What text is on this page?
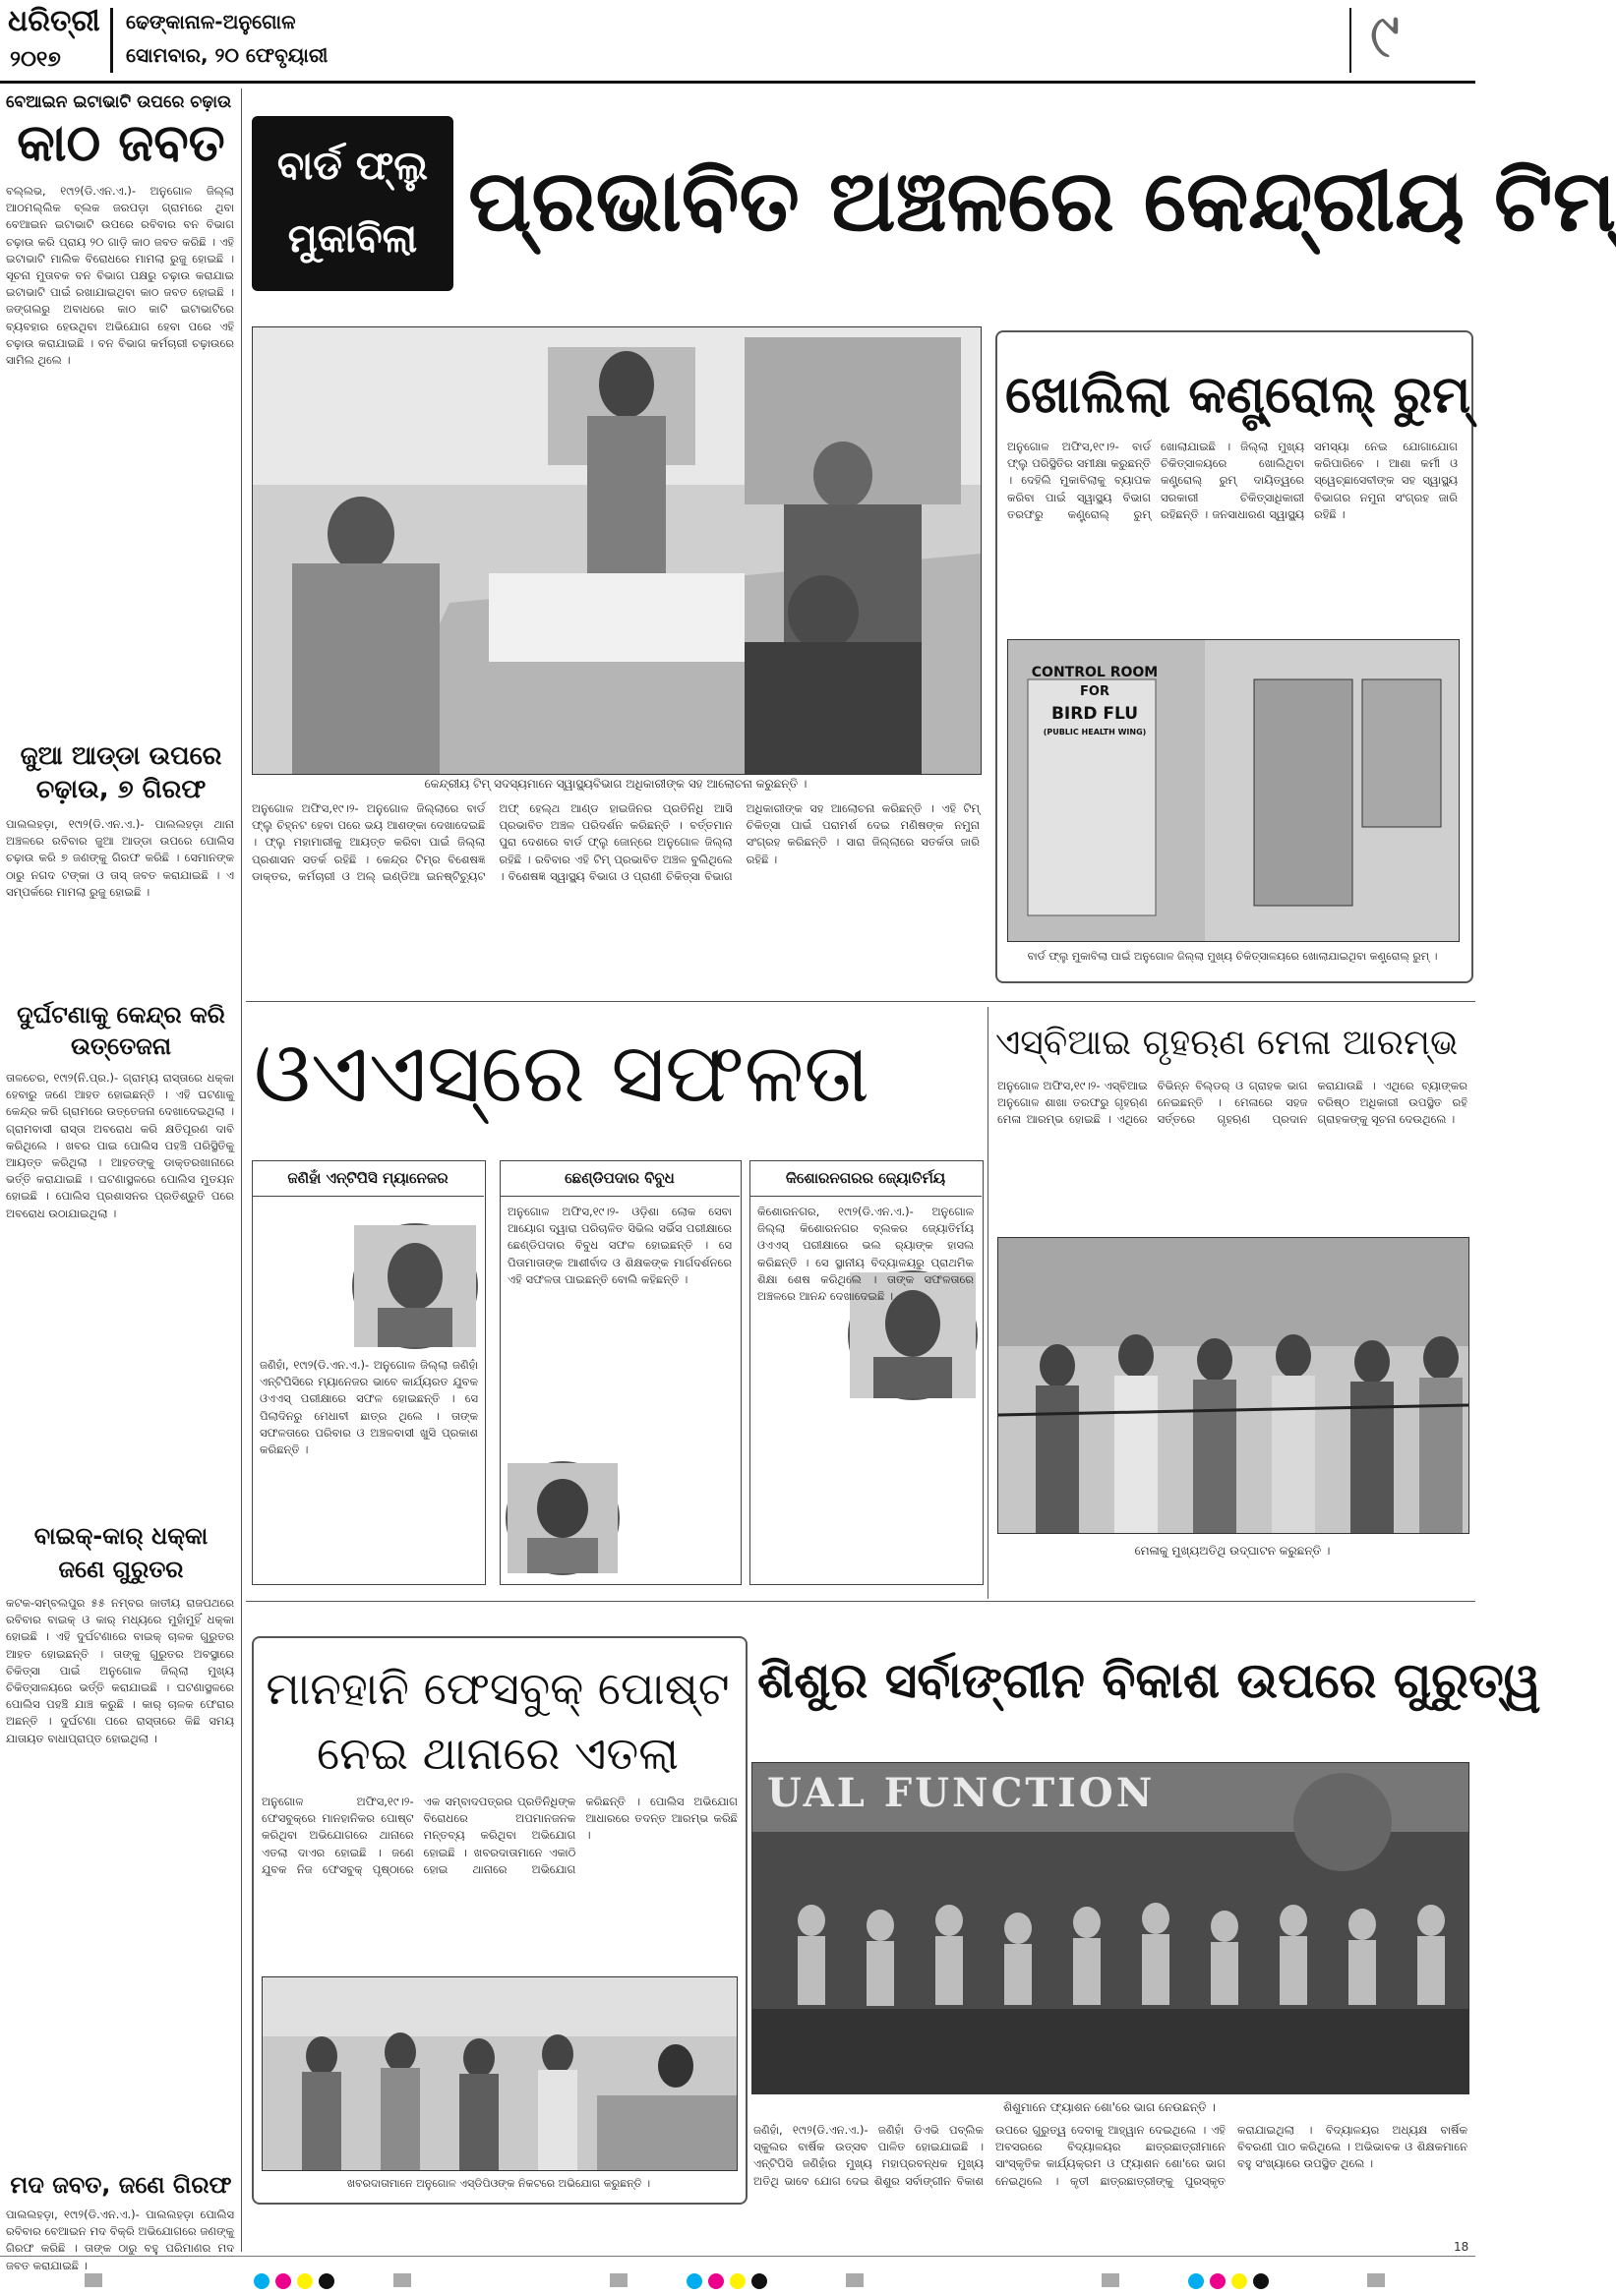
ଧରିତ୍ରୀ
୨୦୧୭
ଢେଙ୍କାନାଳ-ଅନୁଗୋଳ
ସୋମବାର, ୨୦ ଫେବୃୟାରୀ	୯
ବେଆଇନ ଇଟାଭାଟି ଉପରେ ଚଢ଼ାଉ
କାଠ ଜବତ
ବଲ୍ଲଭ, ୧୯ା୨(ଡି.ଏନ.ଏ.)- ଅନୁଗୋଳ ଜିଲ୍ଲା ଆଠମଲ୍ଲିକ ବ୍ଲକ ଜରପଡ଼ା ଗ୍ରାମରେ ଥିବା ବେଆଇନ ଇଟାଭାଟି ଉପରେ ରବିବାର ବନ ବିଭାଗ ଚଢ଼ାଉ କରି ପ୍ରାୟ ୨୦ ଗାଡ଼ି କାଠ ଜବତ କରିଛି । ଏହି ଇଟାଭାଟି ମାଲିକ ବିରୋଧରେ ମାମଲା ରୁଜୁ ହୋଇଛି । ସୂଚନା ମୁତାବକ ବନ ବିଭାଗ ପକ୍ଷରୁ ଚଢ଼ାଉ କରାଯାଇ ଇଟାଭାଟି ପାଇଁ ରଖାଯାଇଥିବା କାଠ ଜବତ ହୋଇଛି । ଜଙ୍ଗଲରୁ ଅବାଧରେ କାଠ କାଟି ଇଟାଭାଟିରେ ବ୍ୟବହାର ହେଉଥିବା ଅଭିଯୋଗ ହେବା ପରେ ଏହି ଚଢ଼ାଉ କରାଯାଇଛି । ବନ ବିଭାଗ କର୍ମଚାରୀ ଚଢ଼ାଉରେ ସାମିଲ ଥିଲେ ।
ଜୁଆ ଆଡ୍ଡା ଉପରେ
ଚଢ଼ାଉ, ୭ ଗିରଫ
ପାଲଲହଡ଼ା, ୧୯ା୨(ଡି.ଏନ.ଏ.)- ପାଲଲହଡ଼ା ଥାନା ଅଞ୍ଚଳରେ ରବିବାର ଜୁଆ ଆଡ୍ଡା ଉପରେ ପୋଲିସ ଚଢ଼ାଉ କରି ୭ ଜଣଙ୍କୁ ଗିରଫ କରିଛି । ସେମାନଙ୍କ ଠାରୁ ନଗଦ ଟଙ୍କା ଓ ତାସ୍ ଜବତ କରାଯାଇଛି । ଏ ସମ୍ପର୍କରେ ମାମଲା ରୁଜୁ ହୋଇଛି ।
ଦୁର୍ଘଟଣାକୁ କେନ୍ଦ୍ର କରି
ଉତ୍ତେଜନା
ତାଳଚେର, ୧୯ା୨(ନି.ପ୍ର.)- ଗ୍ରାମ୍ୟ ରାସ୍ତାରେ ଧକ୍କା ହେବାରୁ ଜଣେ ଆହତ ହୋଇଛନ୍ତି । ଏହି ଘଟଣାକୁ କେନ୍ଦ୍ର କରି ଗ୍ରାମରେ ଉତ୍ତେଜନା ଦେଖାଦେଇଥିଲା । ଗ୍ରାମବାସୀ ରାସ୍ତା ଅବରୋଧ କରି କ୍ଷତିପୂରଣ ଦାବି କରିଥିଲେ । ଖବର ପାଇ ପୋଲିସ ପହଞ୍ଚି ପରିସ୍ଥିତିକୁ ଆୟତ୍ତ କରିଥିଲା । ଆହତଙ୍କୁ ଡାକ୍ତରଖାନାରେ ଭର୍ତ୍ତି କରାଯାଇଛି । ଘଟଣାସ୍ଥଳରେ ପୋଲିସ ମୁତୟନ ହୋଇଛି । ପୋଲିସ ପ୍ରଶାସନର ପ୍ରତିଶ୍ରୁତି ପରେ ଅବରୋଧ ଉଠାଯାଇଥିଲା ।
ବାଇକ୍-କାର୍ ଧକ୍କା
ଜଣେ ଗୁରୁତର
କଟକ-ସମ୍ବଲପୁର ୫୫ ନମ୍ବର ଜାତୀୟ ରାଜପଥରେ ରବିବାର ବାଇକ୍ ଓ କାର୍ ମଧ୍ୟରେ ମୁହାଁମୁହିଁ ଧକ୍କା ହୋଇଛି । ଏହି ଦୁର୍ଘଟଣାରେ ବାଇକ୍ ଚାଳକ ଗୁରୁତର ଆହତ ହୋଇଛନ୍ତି । ତାଙ୍କୁ ଗୁରୁତର ଅବସ୍ଥାରେ ଚିକିତ୍ସା ପାଇଁ ଅନୁଗୋଳ ଜିଲ୍ଲା ମୁଖ୍ୟ ଚିକିତ୍ସାଳୟରେ ଭର୍ତ୍ତି କରାଯାଇଛି । ଘଟଣାସ୍ଥଳରେ ପୋଲିସ ପହଞ୍ଚି ଯାଞ୍ଚ କରୁଛି । କାର୍ ଚାଳକ ଫେରାର ଅଛନ୍ତି । ଦୁର୍ଘଟଣା ପରେ ରାସ୍ତାରେ କିଛି ସମୟ ଯାତାୟତ ବାଧାପ୍ରାପ୍ତ ହୋଇଥିଲା ।
ମଦ ଜବତ, ଜଣେ ଗିରଫ
ପାଲଲହଡ଼ା, ୧୯ା୨(ଡି.ଏନ.ଏ.)- ପାଲଲହଡ଼ା ପୋଲିସ ରବିବାର ବେଆଇନ ମଦ ବିକ୍ରି ଅଭିଯୋଗରେ ଜଣଙ୍କୁ ଗିରଫ କରିଛି । ତାଙ୍କ ଠାରୁ ବହୁ ପରିମାଣର ମଦ ଜବତ କରାଯାଇଛି ।
ବାର୍ଡ ଫ୍ଲୁ
ମୁକାବିଲା ପ୍ରଭାବିତ ଅଞ୍ଚଳରେ କେନ୍ଦ୍ରୀୟ ଟିମ୍
କେନ୍ଦ୍ରୀୟ ଟିମ୍ ସଦସ୍ୟମାନେ ସ୍ୱାସ୍ଥ୍ୟବିଭାଗ ଅଧିକାରୀଙ୍କ ସହ ଆଲୋଚନା କରୁଛନ୍ତି ।
ଅନୁଗୋଳ ଅଫିସ,୧୯।୨- ଅନୁଗୋଳ ଜିଲ୍ଲାରେ ବାର୍ଡ ଫ୍ଲୁ ଚିହ୍ନଟ ହେବା ପରେ ଭୟ ଆଶଙ୍କା ଦେଖାଦେଇଛି । ଫ୍ଲୁ ମହାମାରୀକୁ ଆୟତ୍ତ କରିବା ପାଇଁ ଜିଲ୍ଲା ପ୍ରଶାସନ ସତର୍କ ରହିଛି । କେନ୍ଦ୍ର ଟିମ୍‌ର ବିଶେଷଜ୍ଞ ଡାକ୍ତର, କର୍ମଚାରୀ ଓ ଅଲ୍ ଇଣ୍ଡିଆ ଇନଷ୍ଟିଚ୍ୟୁଟ ଅଫ୍ ହେଲ୍ଥ ଆଣ୍ଡ ହାଇଜିନର ପ୍ରତିନିଧି ଆସି ପ୍ରଭାବିତ ଅଞ୍ଚଳ ପରିଦର୍ଶନ କରିଛନ୍ତି । ବର୍ତ୍ତମାନ ପୁରା ଦେଶରେ ବାର୍ଡ ଫ୍ଲୁ ଜୋନ୍‌ରେ ଅନୁଗୋଳ ଜିଲ୍ଲା ରହିଛି । ରବିବାର ଏହି ଟିମ୍ ପ୍ରଭାବିତ ଅଞ୍ଚଳ ବୁଲିଥିଲେ । ବିଶେଷଜ୍ଞ ସ୍ୱାସ୍ଥ୍ୟ ବିଭାଗ ଓ ପ୍ରାଣୀ ଚିକିତ୍ସା ବିଭାଗ ଅଧିକାରୀଙ୍କ ସହ ଆଲୋଚନା କରିଛନ୍ତି । ଏହି ଟିମ୍ ଚିକିତ୍ସା ପାଇଁ ପରାମର୍ଶ ଦେଇ ମଣିଷଙ୍କ ନମୁନା ସଂଗ୍ରହ କରିଛନ୍ତି । ସାରା ଜିଲ୍ଲାରେ ସତର୍କତା ଜାରି ରହିଛି ।
ଖୋଲିଲା କଣ୍ଟ୍ରୋଲ୍ ରୁମ୍
ଅନୁଗୋଳ ଅଫିସ,୧୯।୨- ବାର୍ଡ ଫ୍ଲୁ ପରିସ୍ଥିତିର ସମୀକ୍ଷା କରୁଛନ୍ତି । ଦେହିଲି ମୁକାବିଲାକୁ ବ୍ୟାପକ କରିବା ପାଇଁ ସ୍ୱାସ୍ଥ୍ୟ ବିଭାଗ ତରଫରୁ କଣ୍ଟ୍ରୋଲ୍ ରୁମ୍ ଖୋଲାଯାଇଛି । ଜିଲ୍ଲା ମୁଖ୍ୟ ଚିକିତ୍ସାଳୟରେ ଖୋଲିଥିବା କଣ୍ଟ୍ରୋଲ୍ ରୁମ୍ ଦାୟିତ୍ୱରେ ସରକାରୀ ଚିକିତ୍ସାଧିକାରୀ ରହିଛନ୍ତି । ଜନସାଧାରଣ ସ୍ୱାସ୍ଥ୍ୟ ସମସ୍ୟା ନେଇ ଯୋଗାଯୋଗ କରିପାରିବେ । ଆଶା କର୍ମୀ ଓ ସ୍ୱେଚ୍ଛାସେବୀଙ୍କ ସହ ସ୍ୱାସ୍ଥ୍ୟ ବିଭାଗର ନମୁନା ସଂଗ୍ରହ ଜାରି ରହିଛି ।
CONTROL ROOM
FOR
BIRD FLU
(PUBLIC HEALTH WING)
ବାର୍ଡ ଫ୍ଲୁ ମୁକାବିଲା ପାଇଁ ଅନୁଗୋଳ ଜିଲ୍ଲା ମୁଖ୍ୟ ଚିକିତ୍ସାଳୟରେ ଖୋଲାଯାଇଥିବା କଣ୍ଟ୍ରୋଲ୍ ରୁମ୍ ।
ଓଏଏସ୍‌ରେ ସଫଳତା
ଜଣିହାଁ ଏନ୍‌ଟିପିସି ମ୍ୟାନେଜର
ଜଣିହାଁ, ୧୯ା୨(ଡି.ଏନ.ଏ.)- ଅନୁଗୋଳ ଜିଲ୍ଲା ଜଣିହାଁ ଏନ୍‌ଟିପିସିରେ ମ୍ୟାନେଜର ଭାବେ କାର୍ଯ୍ୟରତ ଯୁବକ ଓଏଏସ୍ ପରୀକ୍ଷାରେ ସଫଳ ହୋଇଛନ୍ତି । ସେ ପିଲାଦିନରୁ ମେଧାବୀ ଛାତ୍ର ଥିଲେ । ତାଙ୍କ ସଫଳତାରେ ପରିବାର ଓ ଅଞ୍ଚଳବାସୀ ଖୁସି ପ୍ରକାଶ କରିଛନ୍ତି ।
ଛେଣ୍ଡିପଦାର ବିବୁଧ
ଅନୁଗୋଳ ଅଫିସ,୧୯।୨- ଓଡ଼ିଶା ଲୋକ ସେବା ଆୟୋଗ ଦ୍ୱାରା ପରିଚାଳିତ ସିଭିଲ ସର୍ଭିସ ପରୀକ୍ଷାରେ ଛେଣ୍ଡିପଦାର ବିବୁଧ ସଫଳ ହୋଇଛନ୍ତି । ସେ ପିତାମାତାଙ୍କ ଆଶୀର୍ବାଦ ଓ ଶିକ୍ଷକଙ୍କ ମାର୍ଗଦର୍ଶନରେ ଏହି ସଫଳତା ପାଇଛନ୍ତି ବୋଲି କହିଛନ୍ତି ।
କିଶୋରନଗରର ଜ୍ୟୋତିର୍ମୟ
କିଶୋରନଗର, ୧୯ା୨(ଡି.ଏନ.ଏ.)- ଅନୁଗୋଳ ଜିଲ୍ଲା କିଶୋରନଗର ବ୍ଲକର ଜ୍ୟୋତିର୍ମୟ ଓଏଏସ୍ ପରୀକ୍ଷାରେ ଭଲ ର‍୍ୟାଙ୍କ ହାସଲ କରିଛନ୍ତି । ସେ ସ୍ଥାନୀୟ ବିଦ୍ୟାଳୟରୁ ପ୍ରାଥମିକ ଶିକ୍ଷା ଶେଷ କରିଥିଲେ । ତାଙ୍କ ସଫଳତାରେ ଅଞ୍ଚଳରେ ଆନନ୍ଦ ଦେଖାଦେଇଛି ।
ଏସ୍‌ବିଆଇ ଗୃହଋଣ ମେଳା ଆରମ୍ଭ
ଅନୁଗୋଳ ଅଫିସ,୧୯।୨- ଏସ୍‌ବିଆଇ ଅନୁଗୋଳ ଶାଖା ତରଫରୁ ଗୃହଋଣ ମେଳା ଆରମ୍ଭ ହୋଇଛି । ଏଥିରେ ବିଭିନ୍ନ ବିଲ୍ଡର୍ ଓ ଗ୍ରାହକ ଭାଗ ନେଇଛନ୍ତି । ମେଳାରେ ସହଜ ସର୍ତ୍ତରେ ଗୃହଋଣ ପ୍ରଦାନ କରାଯାଉଛି । ଏଥିରେ ବ୍ୟାଙ୍କର ବରିଷ୍ଠ ଅଧିକାରୀ ଉପସ୍ଥିତ ରହି ଗ୍ରାହକଙ୍କୁ ସୂଚନା ଦେଉଥିଲେ ।
ମେଳାକୁ ମୁଖ୍ୟଅତିଥି ଉଦ୍‌ଘାଟନ କରୁଛନ୍ତି ।
ମାନହାନି ଫେସବୁକ୍ ପୋଷ୍ଟ
ନେଇ ଥାନାରେ ଏତଲା
ଅନୁଗୋଳ ଅଫିସ,୧୯।୨- ଫେସବୁକ୍‌ରେ ମାନହାନିକର ପୋଷ୍ଟ କରିଥିବା ଅଭିଯୋଗରେ ଥାନାରେ ଏତଲା ଦାଏର ହୋଇଛି । ଜଣେ ଯୁବକ ନିଜ ଫେସବୁକ୍ ପୃଷ୍ଠାରେ ଏକ ସମ୍ବାଦପତ୍ରର ପ୍ରତିନିଧିଙ୍କ ବିରୋଧରେ ଅପମାନଜନକ ମନ୍ତବ୍ୟ କରିଥିବା ଅଭିଯୋଗ ହୋଇଛି । ଖବରଦାତାମାନେ ଏକାଠି ହୋଇ ଥାନାରେ ଅଭିଯୋଗ କରିଛନ୍ତି । ପୋଲିସ ଅଭିଯୋଗ ଆଧାରରେ ତଦନ୍ତ ଆରମ୍ଭ କରିଛି ।
ଖବରଦାତାମାନେ ଅନୁଗୋଳ ଏସ୍‌ଡିପିଓଙ୍କ ନିକଟରେ ଅଭିଯୋଗ କରୁଛନ୍ତି ।
ଶିଶୁର ସର୍ବାଙ୍ଗୀନ ବିକାଶ ଉପରେ ଗୁରୁତ୍ୱ
UAL FUNCTION
ଶିଶୁମାନେ ଫ୍ୟାଶନ ଶୋ'ରେ ଭାଗ ନେଉଛନ୍ତି ।
ଜଣିହାଁ, ୧୯ା୨(ଡି.ଏନ.ଏ.)- ଜଣିହାଁ ଡିଏଭି ପବ୍ଲିକ ସ୍କୁଲର ବାର୍ଷିକ ଉତ୍ସବ ପାଳିତ ହୋଇଯାଇଛି । ଏନ୍‌ଟିପିସି ଜଣିହାଁର ମୁଖ୍ୟ ମହାପ୍ରବନ୍ଧକ ମୁଖ୍ୟ ଅତିଥି ଭାବେ ଯୋଗ ଦେଇ ଶିଶୁର ସର୍ବାଙ୍ଗୀନ ବିକାଶ ଉପରେ ଗୁରୁତ୍ୱ ଦେବାକୁ ଆହ୍ୱାନ ଦେଇଥିଲେ । ଏହି ଅବସରରେ ବିଦ୍ୟାଳୟର ଛାତ୍ରଛାତ୍ରୀମାନେ ସାଂସ୍କୃତିକ କାର୍ଯ୍ୟକ୍ରମ ଓ ଫ୍ୟାଶନ ଶୋ'ରେ ଭାଗ ନେଇଥିଲେ । କୃତୀ ଛାତ୍ରଛାତ୍ରୀଙ୍କୁ ପୁରସ୍କୃତ କରାଯାଇଥିଲା । ବିଦ୍ୟାଳୟର ଅଧ୍ୟକ୍ଷ ବାର୍ଷିକ ବିବରଣୀ ପାଠ କରିଥିଲେ । ଅଭିଭାବକ ଓ ଶିକ୍ଷକମାନେ ବହୁ ସଂଖ୍ୟାରେ ଉପସ୍ଥିତ ଥିଲେ ।
18
